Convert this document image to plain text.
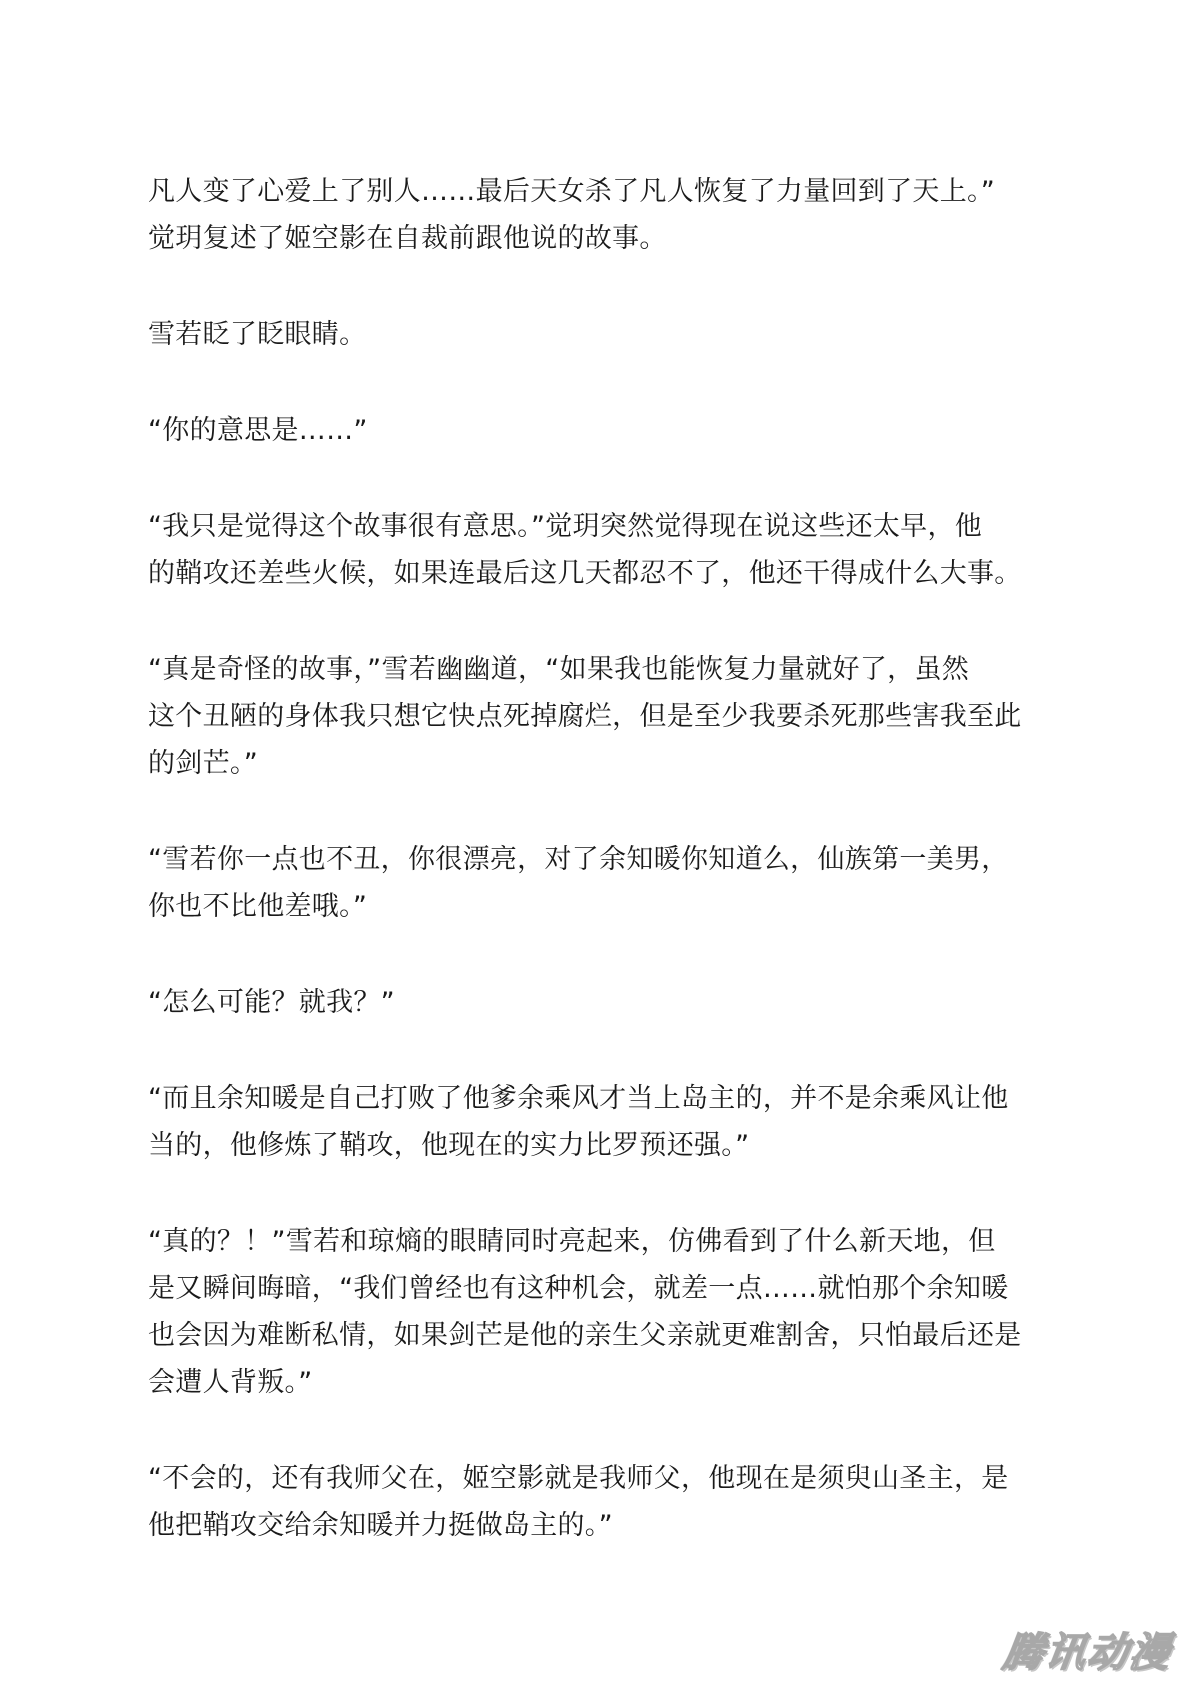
凡人变了心爱上了别人……最后天女杀了凡人恢复了力量回到了天上。”
觉玥复述了姬空影在自裁前跟他说的故事。

雪若眨了眨眼睛。

“你的意思是……”

“我只是觉得这个故事很有意思。”觉玥突然觉得现在说这些还太早，他
的鞘攻还差些火候，如果连最后这几天都忍不了，他还干得成什么大事。

“真是奇怪的故事，”雪若幽幽道，“如果我也能恢复力量就好了，虽然
这个丑陋的身体我只想它快点死掉腐烂，但是至少我要杀死那些害我至此
的剑芒。”

“雪若你一点也不丑，你很漂亮，对了余知暖你知道么，仙族第一美男，
你也不比他差哦。”

“怎么可能？就我？”

“而且余知暖是自己打败了他爹余乘风才当上岛主的，并不是余乘风让他
当的，他修炼了鞘攻，他现在的实力比罗预还强。”

“真的？！”雪若和琼熵的眼睛同时亮起来，仿佛看到了什么新天地，但
是又瞬间晦暗，“我们曾经也有这种机会，就差一点……就怕那个余知暖
也会因为难断私情，如果剑芒是他的亲生父亲就更难割舍，只怕最后还是
会遭人背叛。”

“不会的，还有我师父在，姬空影就是我师父，他现在是须臾山圣主，是
他把鞘攻交给余知暖并力挺做岛主的。”

腾讯动漫
